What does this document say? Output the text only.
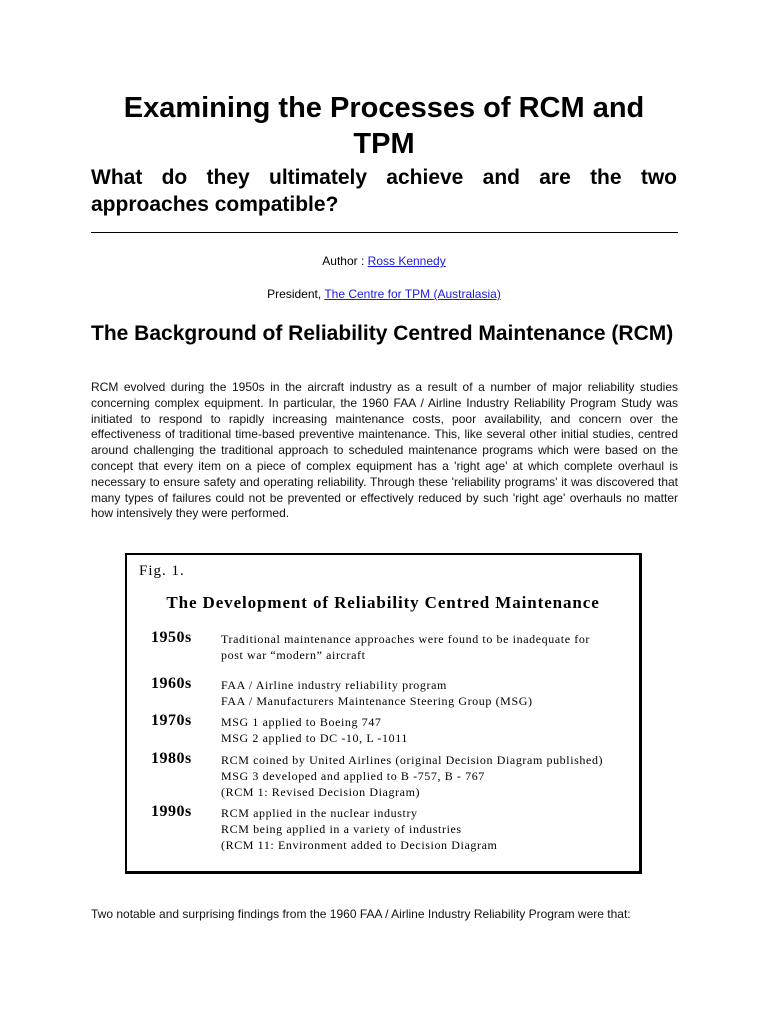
Examining the Processes of RCM and TPM
What do they ultimately achieve and are the two approaches compatible?
Author : Ross Kennedy
President, The Centre for TPM (Australasia)
The Background of Reliability Centred Maintenance (RCM)
RCM evolved during the 1950s in the aircraft industry as a result of a number of major reliability studies concerning complex equipment. In particular, the 1960 FAA / Airline Industry Reliability Program Study was initiated to respond to rapidly increasing maintenance costs, poor availability, and concern over the effectiveness of traditional time-based preventive maintenance. This, like several other initial studies, centred around challenging the traditional approach to scheduled maintenance programs which were based on the concept that every item on a piece of complex equipment has a 'right age' at which complete overhaul is necessary to ensure safety and operating reliability. Through these 'reliability programs' it was discovered that many types of failures could not be prevented or effectively reduced by such 'right age' overhauls no matter how intensively they were performed.
Fig. 1.
The Development of Reliability Centred Maintenance
1950s Traditional maintenance approaches were found to be inadequate for
post war “modern” aircraft
1960s FAA / Airline industry reliability program
FAA / Manufacturers Maintenance Steering Group (MSG)
1970s MSG 1 applied to Boeing 747
MSG 2 applied to DC -10, L -1011
1980s RCM coined by United Airlines (original Decision Diagram published)
MSG 3 developed and applied to B -757, B - 767
(RCM 1: Revised Decision Diagram)
1990s RCM applied in the nuclear industry
RCM being applied in a variety of industries
(RCM 11: Environment added to Decision Diagram
Two notable and surprising findings from the 1960 FAA / Airline Industry Reliability Program were that:
